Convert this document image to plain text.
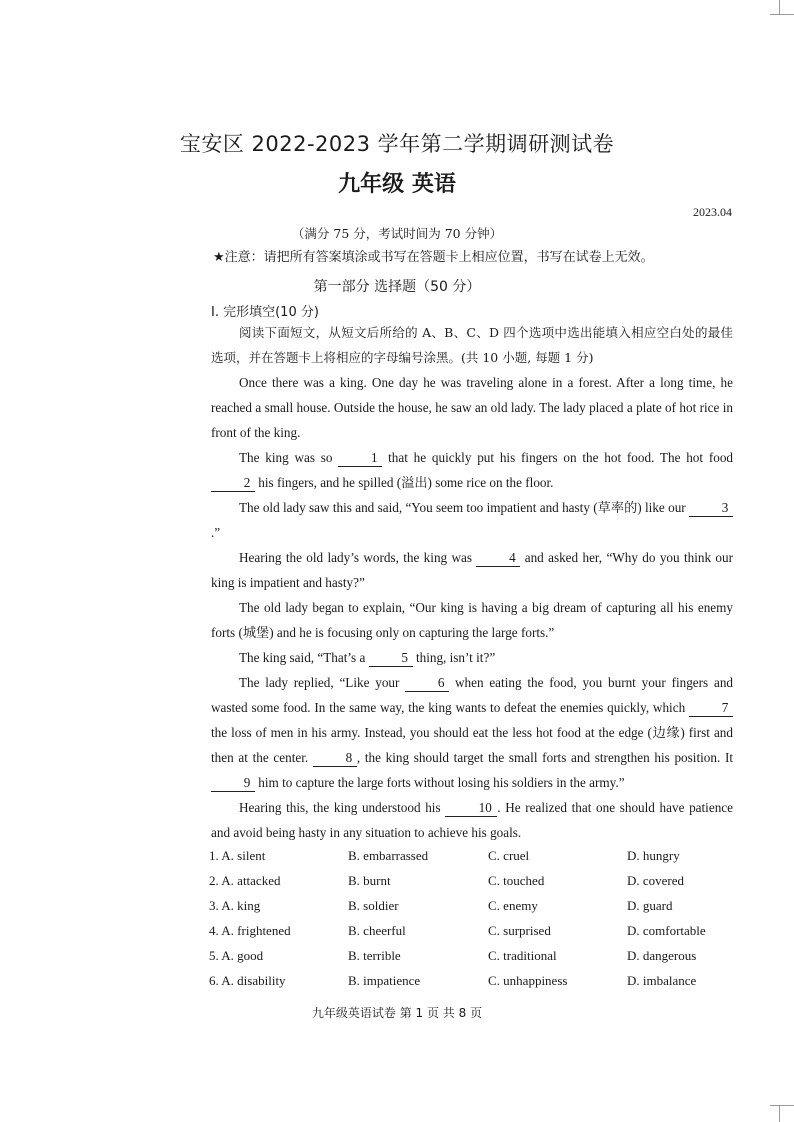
宝安区 2022-2023 学年第二学期调研测试卷
九年级 英语
2023.04
（满分 75 分，考试时间为 70 分钟）
★注意：请把所有答案填涂或书写在答题卡上相应位置，书写在试卷上无效。
第一部分 选择题（50 分）
I. 完形填空(10 分)

阅读下面短文，从短文后所给的 A、B、C、D 四个选项中选出能填入相应空白处的最佳选项，并在答题卡上将相应的字母编号涂黑。(共 10 小题, 每题 1 分)

Once there was a king. One day he was traveling alone in a forest. After a long time, he reached a small house. Outside the house, he saw an old lady. The lady placed a plate of hot rice in front of the king.

The king was so 1 that he quickly put his fingers on the hot food. The hot food 2 his fingers, and he spilled (溢出) some rice on the floor.

The old lady saw this and said, “You seem too impatient and hasty (草率的) like our 3.”

Hearing the old lady’s words, the king was 4 and asked her, “Why do you think our king is impatient and hasty?”

The old lady began to explain, “Our king is having a big dream of capturing all his enemy forts (城堡) and he is focusing only on capturing the large forts.”

The king said, “That’s a 5 thing, isn’t it?”

The lady replied, “Like your 6 when eating the food, you burnt your fingers and wasted some food. In the same way, the king wants to defeat the enemies quickly, which 7 the loss of men in his army. Instead, you should eat the less hot food at the edge (边缘) first and then at the center. 8 , the king should target the small forts and strengthen his position. It 9 him to capture the large forts without losing his soldiers in the army.”

Hearing this, the king understood his	10 . He realized that one should have patience and avoid being hasty in any situation to achieve his goals.

1. A. silent	B. embarrassed	C. cruel	D. hungry
2. A. attacked	B. burnt	C. touched	D. covered
3. A. king	B. soldier	C. enemy	D. guard
4. A. frightened	B. cheerful	C. surprised	D. comfortable
5. A. good	B. terrible	C. traditional	D. dangerous
6. A. disability	B. impatience	C. unhappiness	D. imbalance
九年级英语试卷 第 1 页 共 8 页
